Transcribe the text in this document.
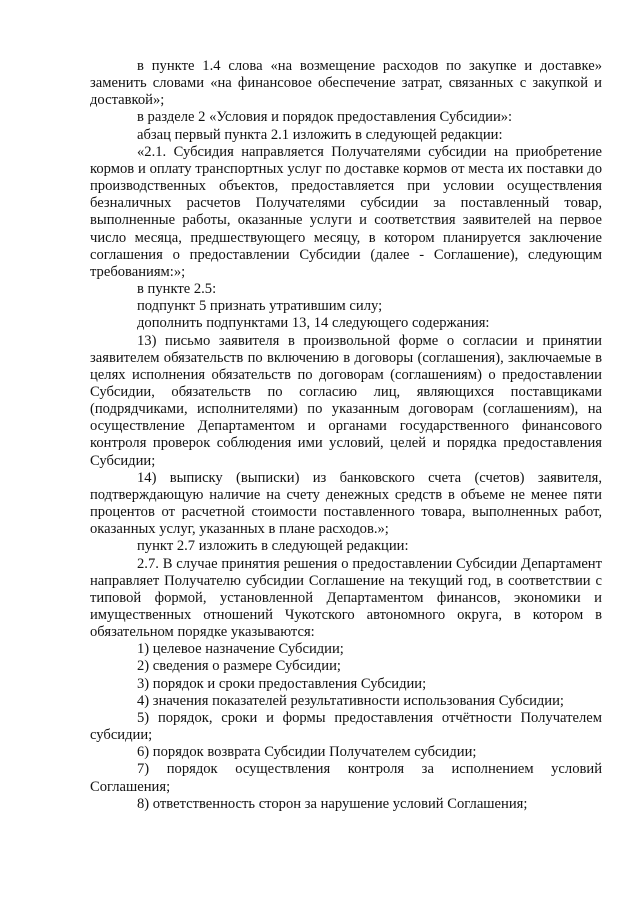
в пункте 1.4 слова «на возмещение расходов по закупке и доставке» заменить словами «на финансовое обеспечение затрат, связанных с закупкой и доставкой»;

в разделе 2 «Условия и порядок предоставления Субсидии»:

абзац первый пункта 2.1 изложить в следующей редакции:

«2.1. Субсидия направляется Получателями субсидии на приобретение кормов и оплату транспортных услуг по доставке кормов от места их поставки до производственных объектов, предоставляется при условии осуществления безналичных расчетов Получателями субсидии за поставленный товар, выполненные работы, оказанные услуги и соответствия заявителей на первое число месяца, предшествующего месяцу, в котором планируется заключение соглашения о предоставлении Субсидии (далее - Соглашение), следующим требованиям:»;

в пункте 2.5:

подпункт 5 признать утратившим силу;

дополнить подпунктами 13, 14 следующего содержания:

13) письмо заявителя в произвольной форме о согласии и принятии заявителем обязательств по включению в договоры (соглашения), заключаемые в целях исполнения обязательств по договорам (соглашениям) о предоставлении Субсидии, обязательств по согласию лиц, являющихся поставщиками (подрядчиками, исполнителями) по указанным договорам (соглашениям), на осуществление Департаментом и органами государственного финансового контроля проверок соблюдения ими условий, целей и порядка предоставления Субсидии;

14) выписку (выписки) из банковского счета (счетов) заявителя, подтверждающую наличие на счету денежных средств в объеме не менее пяти процентов от расчетной стоимости поставленного товара, выполненных работ, оказанных услуг, указанных в плане расходов.»;

пункт 2.7 изложить в следующей редакции:

2.7. В случае принятия решения о предоставлении Субсидии Департамент направляет Получателю субсидии Соглашение на текущий год, в соответствии с типовой формой, установленной Департаментом финансов, экономики и имущественных отношений Чукотского автономного округа, в котором в обязательном порядке указываются:

1) целевое назначение Субсидии;

2) сведения о размере Субсидии;

3) порядок и сроки предоставления Субсидии;

4) значения показателей результативности использования Субсидии;

5) порядок, сроки и формы предоставления отчётности Получателем субсидии;

6) порядок возврата Субсидии Получателем субсидии;

7) порядок осуществления контроля за исполнением условий Соглашения;

8) ответственность сторон за нарушение условий Соглашения;
